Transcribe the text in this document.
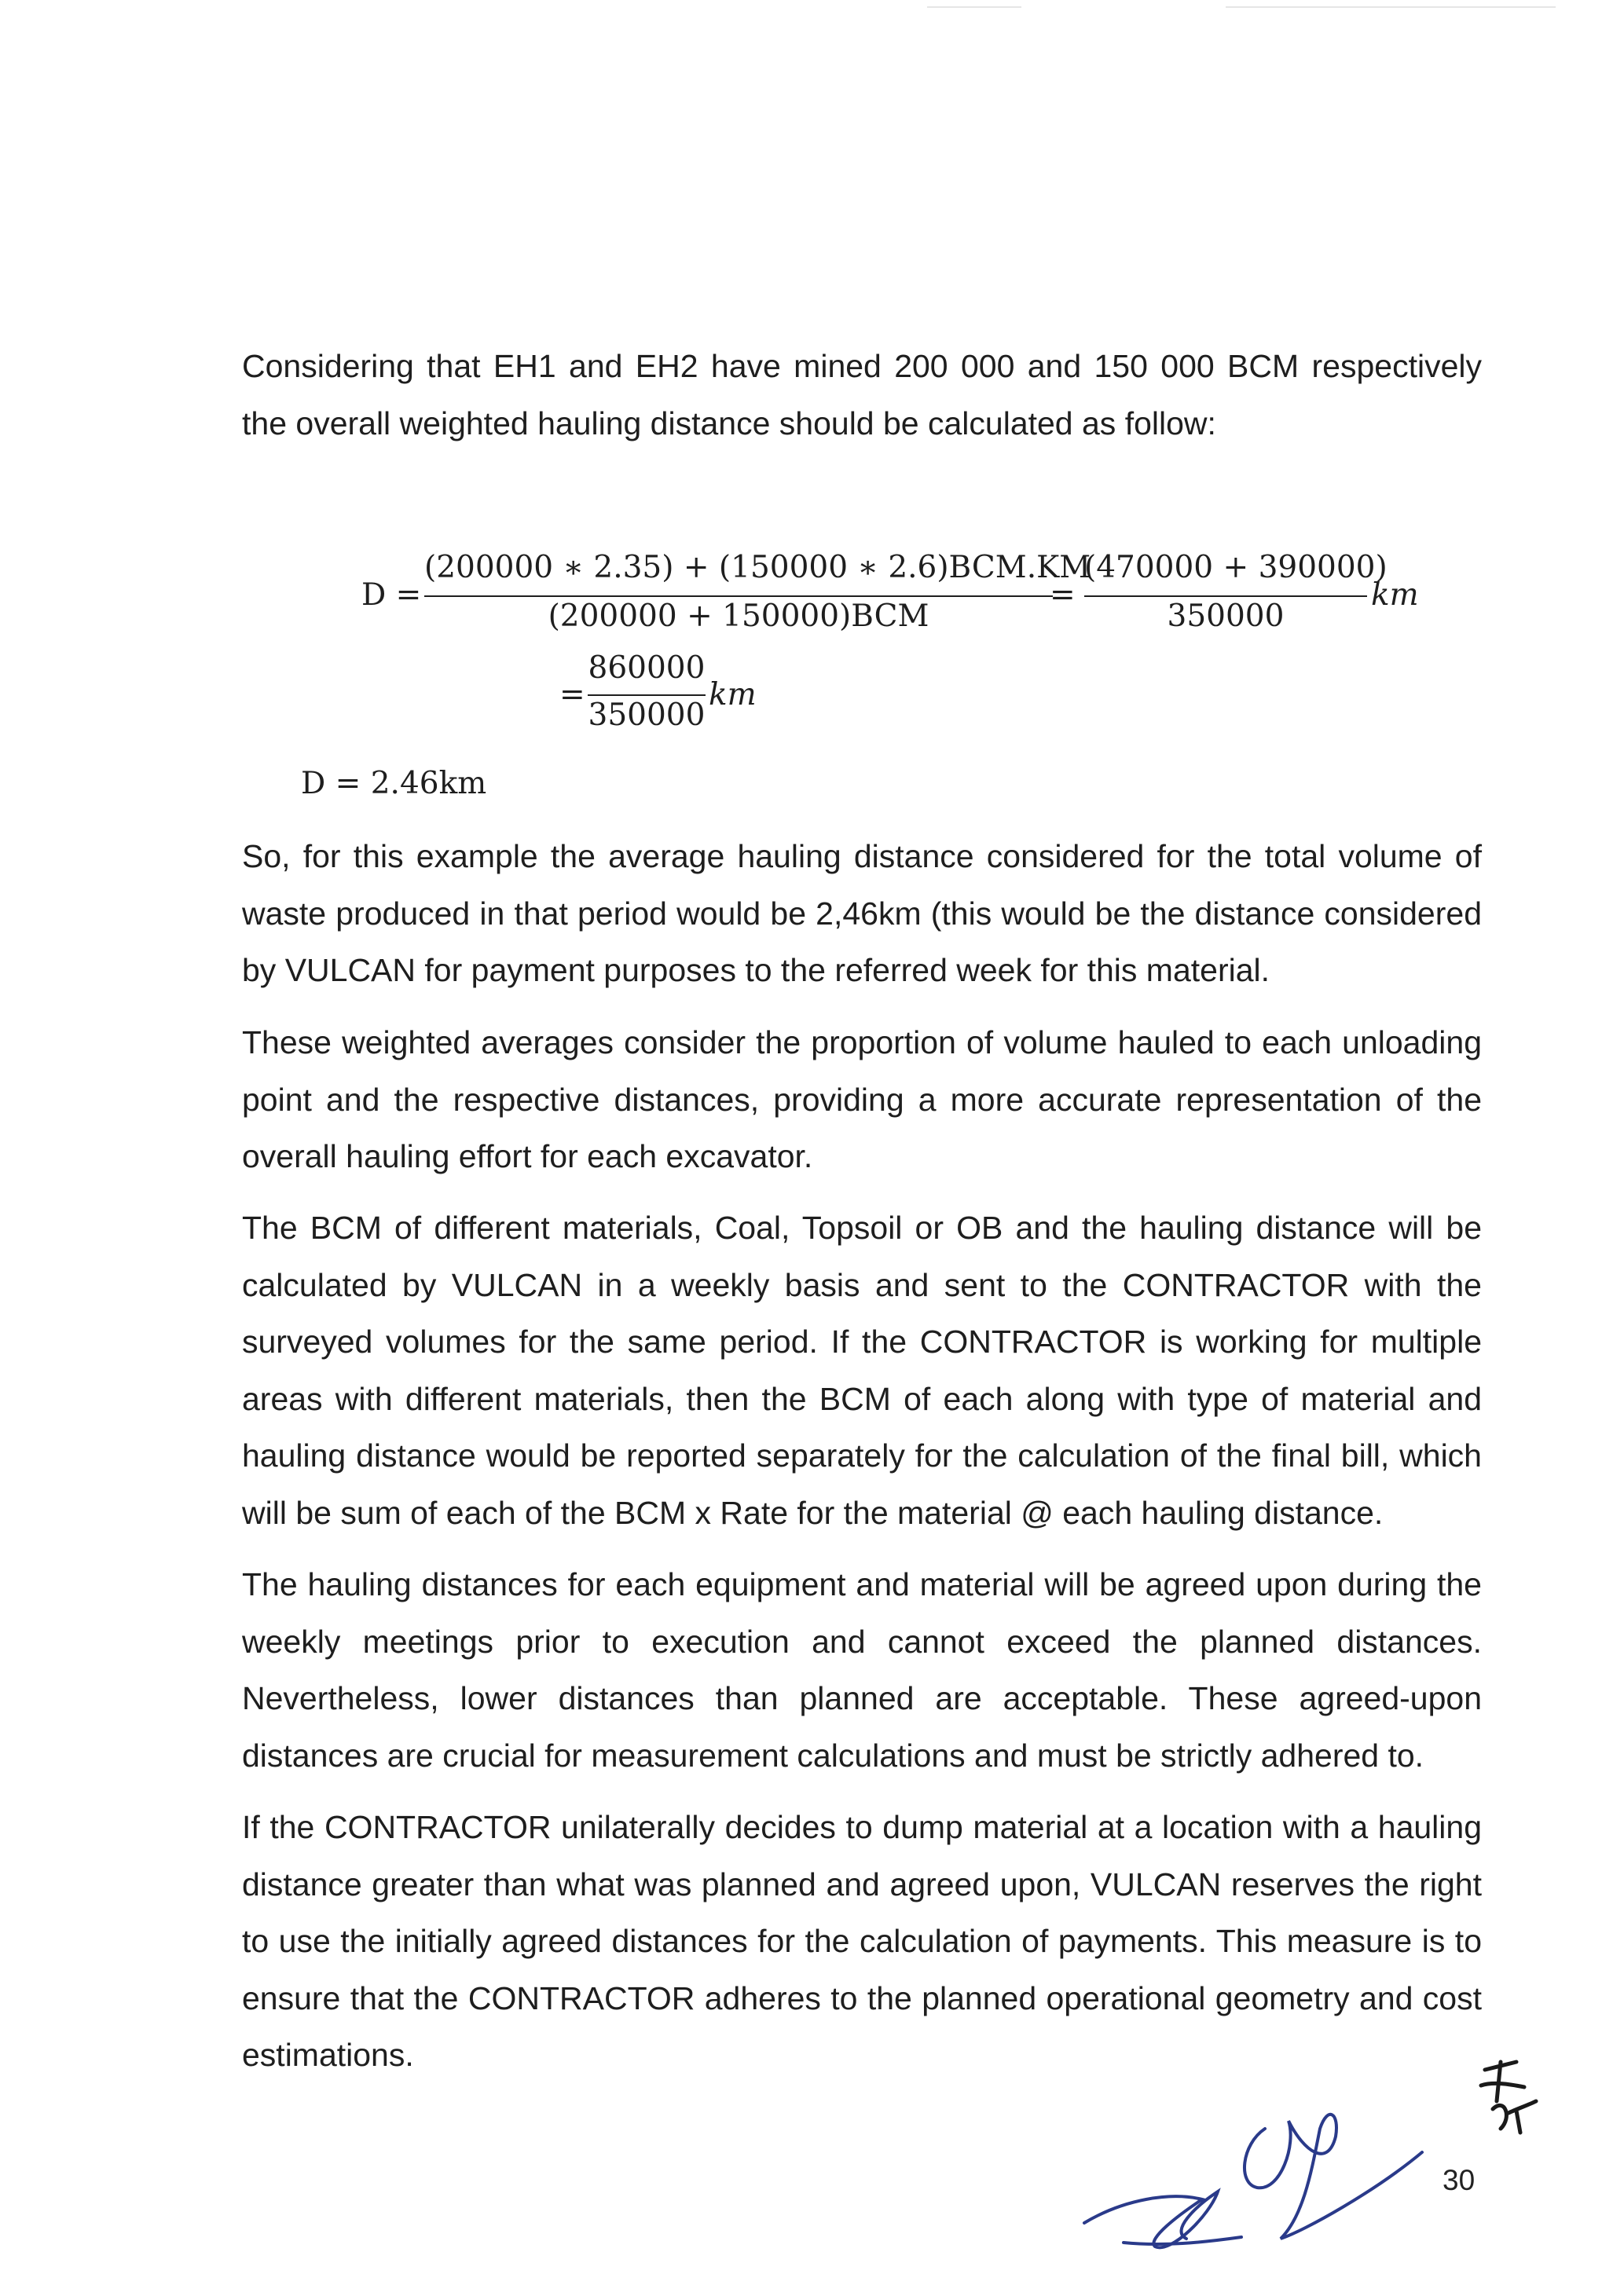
Considering that EH1 and EH2 have mined 200 000 and 150 000 BCM respectively the overall weighted hauling distance should be calculated as follow:

D =
(200000 ∗ 2.35) + (150000 ∗ 2.6)BCM.KM
(200000 + 150000)BCM
=
(470000 + 390000)
350000
km
=
860000
350000
km
D = 2.46km

So, for this example the average hauling distance considered for the total volume of waste produced in that period would be 2,46km (this would be the distance considered by VULCAN for payment purposes to the referred week for this material.

These weighted averages consider the proportion of volume hauled to each unloading point and the respective distances, providing a more accurate representation of the overall hauling effort for each excavator.

The BCM of different materials, Coal, Topsoil or OB and the hauling distance will be calculated by VULCAN in a weekly basis and sent to the CONTRACTOR with the surveyed volumes for the same period. If the CONTRACTOR is working for multiple areas with different materials, then the BCM of each along with type of material and hauling distance would be reported separately for the calculation of the final bill, which will be sum of each of the BCM x Rate for the material @ each hauling distance.

The hauling distances for each equipment and material will be agreed upon during the weekly meetings prior to execution and cannot exceed the planned distances. Nevertheless, lower distances than planned are acceptable. These agreed-upon distances are crucial for measurement calculations and must be strictly adhered to.

If the CONTRACTOR unilaterally decides to dump material at a location with a hauling distance greater than what was planned and agreed upon, VULCAN reserves the right to use the initially agreed distances for the calculation of payments. This measure is to ensure that the CONTRACTOR adheres to the planned operational geometry and cost estimations.

30
